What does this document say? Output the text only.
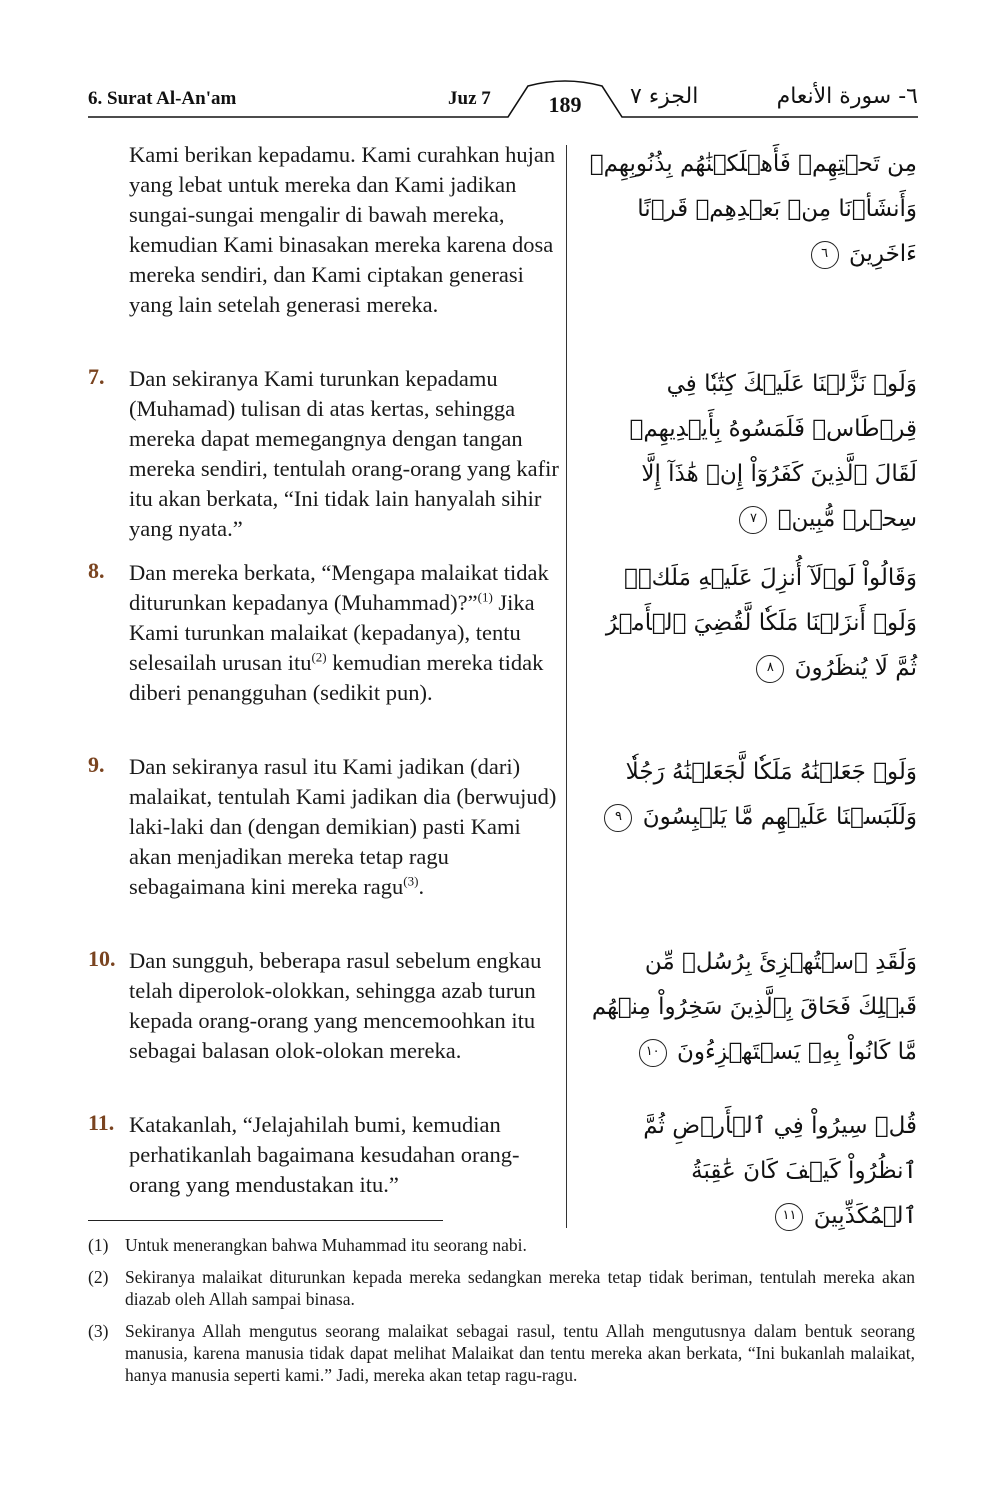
6. Surat Al-An'am	Juz 7	189	الجزء ٧	٦- سورة الأنعام
Kami berikan kepadamu. Kami curahkan hujan yang lebat untuk mereka dan Kami jadikan sungai-sungai mengalir di bawah mereka, kemudian Kami binasakan mereka karena dosa mereka sendiri, dan Kami ciptakan generasi yang lain setelah generasi mereka.
مِن تَحۡتِهِمۡ فَأَهۡلَكۡنَٰهُم بِذُنُوبِهِمۡ وَأَنشَأۡنَا مِنۢ بَعۡدِهِمۡ قَرۡنًا ءَاخَرِينَ ٦
7. Dan sekiranya Kami turunkan kepadamu (Muhamad) tulisan di atas kertas, sehingga mereka dapat memegangnya dengan tangan mereka sendiri, tentulah orang-orang yang kafir itu akan berkata, “Ini tidak lain hanyalah sihir yang nyata.”
وَلَوۡ نَزَّلۡنَا عَلَيۡكَ كِتَٰبٗا فِي قِرۡطَاسٖ فَلَمَسُوهُ بِأَيۡدِيهِمۡ لَقَالَ ٱلَّذِينَ كَفَرُوٓاْ إِنۡ هَٰذَآ إِلَّا سِحۡرٞ مُّبِينٞ ٧
8. Dan mereka berkata, “Mengapa malaikat tidak diturunkan kepadanya (Muhammad)?”$^{(1)}$ Jika Kami turunkan malaikat (kepadanya), tentu selesailah urusan itu$^{(2)}$ kemudian mereka tidak diberi penangguhan (sedikit pun).
وَقَالُواْ لَوۡلَآ أُنزِلَ عَلَيۡهِ مَلَكٞۖ وَلَوۡ أَنزَلۡنَا مَلَكٗا لَّقُضِيَ ٱلۡأَمۡرُ ثُمَّ لَا يُنظَرُونَ ٨
9. Dan sekiranya rasul itu Kami jadikan (dari) malaikat, tentulah Kami jadikan dia (berwujud) laki-laki dan (dengan demikian) pasti Kami akan menjadikan mereka tetap ragu sebagaimana kini mereka ragu$^{(3)}$.
وَلَوۡ جَعَلۡنَٰهُ مَلَكٗا لَّجَعَلۡنَٰهُ رَجُلٗا وَلَلَبَسۡنَا عَلَيۡهِم مَّا يَلۡبِسُونَ ٩
10. Dan sungguh, beberapa rasul sebelum engkau telah diperolok-olokkan, sehingga azab turun kepada orang-orang yang mencemoohkan itu sebagai balasan olok-olokan mereka.
وَلَقَدِ ٱسۡتُهۡزِئَ بِرُسُلٖ مِّن قَبۡلِكَ فَحَاقَ بِٱلَّذِينَ سَخِرُواْ مِنۡهُم مَّا كَانُواْ بِهِۦ يَسۡتَهۡزِءُونَ ١٠
11. Katakanlah, “Jelajahilah bumi, kemudian perhatikanlah bagaimana kesudahan orang-orang yang mendustakan itu.”
قُلۡ سِيرُواْ فِي ٱلۡأَرۡضِ ثُمَّ ٱنظُرُواْ كَيۡفَ كَانَ عَٰقِبَةُ ٱلۡمُكَذِّبِينَ ١١
(1) Untuk menerangkan bahwa Muhammad itu seorang nabi.
(2) Sekiranya malaikat diturunkan kepada mereka sedangkan mereka tetap tidak beriman, tentulah mereka akan diazab oleh Allah sampai binasa.
(3) Sekiranya Allah mengutus seorang malaikat sebagai rasul, tentu Allah mengutusnya dalam bentuk seorang manusia, karena manusia tidak dapat melihat Malaikat dan tentu mereka akan berkata, “Ini bukanlah malaikat, hanya manusia seperti kami.” Jadi, mereka akan tetap ragu-ragu.
